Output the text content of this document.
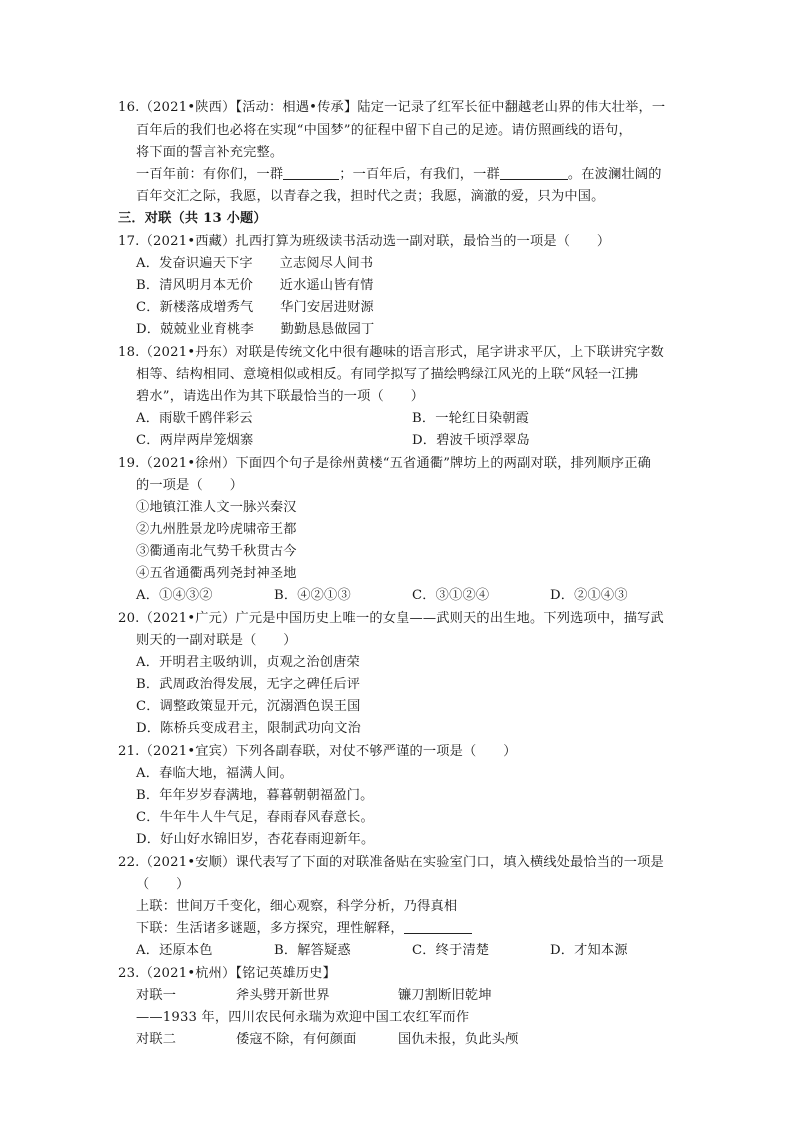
16.（2021•陕西）【活动：相遇•传承】陆定一记录了红军长征中翻越老山界的伟大壮举，一
百年后的我们也必将在实现“中国梦”的征程中留下自己的足迹。请仿照画线的语句，
将下面的誓言补充完整。
一百年前：有你们，一群	；一百年后，有我们，一群	。在波澜壮阔的
百年交汇之际，我愿，以青春之我，担时代之责；我愿，滴澈的爱，只为中国。
三．对联（共 13 小题）
17.（2021•西藏）扎西打算为班级读书活动选一副对联，最恰当的一项是（　　）
A．发奋识遍天下字　　立志阅尽人间书
B．清风明月本无价　　近水遥山皆有情
C．新楼落成增秀气　　华门安居进财源
D．兢兢业业育桃李　　勤勤恳恳做园丁
18.（2021•丹东）对联是传统文化中很有趣味的语言形式，尾字讲求平仄，上下联讲究字数
相等、结构相同、意境相似或相反。有同学拟写了描绘鸭绿江风光的上联“风轻一江拂
碧水”，请选出作为其下联最恰当的一项（　　）
A．雨歇千鸥伴彩云	B．一轮红日染朝霞
C．两岸两岸笼烟寨	D．碧波千顷浮翠岛
19.（2021•徐州）下面四个句子是徐州黄楼“五省通衢”牌坊上的两副对联，排列顺序正确
的一项是（　　）
①地镇江淮人文一脉兴秦汉
②九州胜景龙吟虎啸帝王都
③衢通南北气势千秋贯古今
④五省通衢禹列尧封神圣地
A．①④③②	B．④②①③	C．③①②④	D．②①④③
20.（2021•广元）广元是中国历史上唯一的女皇——武则天的出生地。下列选项中，描写武
则天的一副对联是（　　）
A．开明君主吸纳训，贞观之治创唐荣
B．武周政治得发展，无字之碑任后评
C．调整政策显开元，沉溺酒色误王国
D．陈桥兵变成君主，限制武功向文治
21.（2021•宜宾）下列各副春联，对仗不够严谨的一项是（　　）
A．春临大地，福满人间。
B．年年岁岁春满地，暮暮朝朝福盈门。
C．牛年牛人牛气足，春雨春风春意长。
D．好山好水锦旧岁，杏花春雨迎新年。
22.（2021•安顺）课代表写了下面的对联准备贴在实验室门口，填入横线处最恰当的一项是
（　　）
上联：世间万千变化，细心观察，科学分析，乃得真相
下联：生活诸多谜题，多方探究，理性解释，
A．还原本色	B．解答疑惑	C．终于清楚	D．才知本源
23.（2021•杭州）【铭记英雄历史】
对联一	斧头劈开新世界	镰刀割断旧乾坤
——1933 年，四川农民何永瑞为欢迎中国工农红军而作
对联二	倭寇不除，有何颜面	国仇未报，负此头颅
